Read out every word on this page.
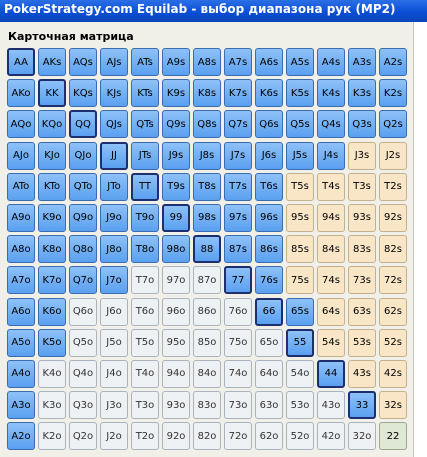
PokerStrategy.com Equilab - выбор диапазона рук (MP2)
Карточная матрица
AA	AKs	AQs	AJs	ATs	A9s	A8s	A7s	A6s	A5s	A4s	A3s	A2s
AKo	KK	KQs	KJs	KTs	K9s	K8s	K7s	K6s	K5s	K4s	K3s	K2s
AQo	KQo	QQ	QJs	QTs	Q9s	Q8s	Q7s	Q6s	Q5s	Q4s	Q3s	Q2s
AJo	KJo	QJo	JJ	JTs	J9s	J8s	J7s	J6s	J5s	J4s	J3s	J2s
ATo	KTo	QTo	JTo	TT	T9s	T8s	T7s	T6s	T5s	T4s	T3s	T2s
A9o	K9o	Q9o	J9o	T9o	99	98s	97s	96s	95s	94s	93s	92s
A8o	K8o	Q8o	J8o	T8o	98o	88	87s	86s	85s	84s	83s	82s
A7o	K7o	Q7o	J7o	T7o	97o	87o	77	76s	75s	74s	73s	72s
A6o	K6o	Q6o	J6o	T6o	96o	86o	76o	66	65s	64s	63s	62s
A5o	K5o	Q5o	J5o	T5o	95o	85o	75o	65o	55	54s	53s	52s
A4o	K4o	Q4o	J4o	T4o	94o	84o	74o	64o	54o	44	43s	42s
A3o	K3o	Q3o	J3o	T3o	93o	83o	73o	63o	53o	43o	33	32s
A2o	K2o	Q2o	J2o	T2o	92o	82o	72o	62o	52o	42o	32o	22
